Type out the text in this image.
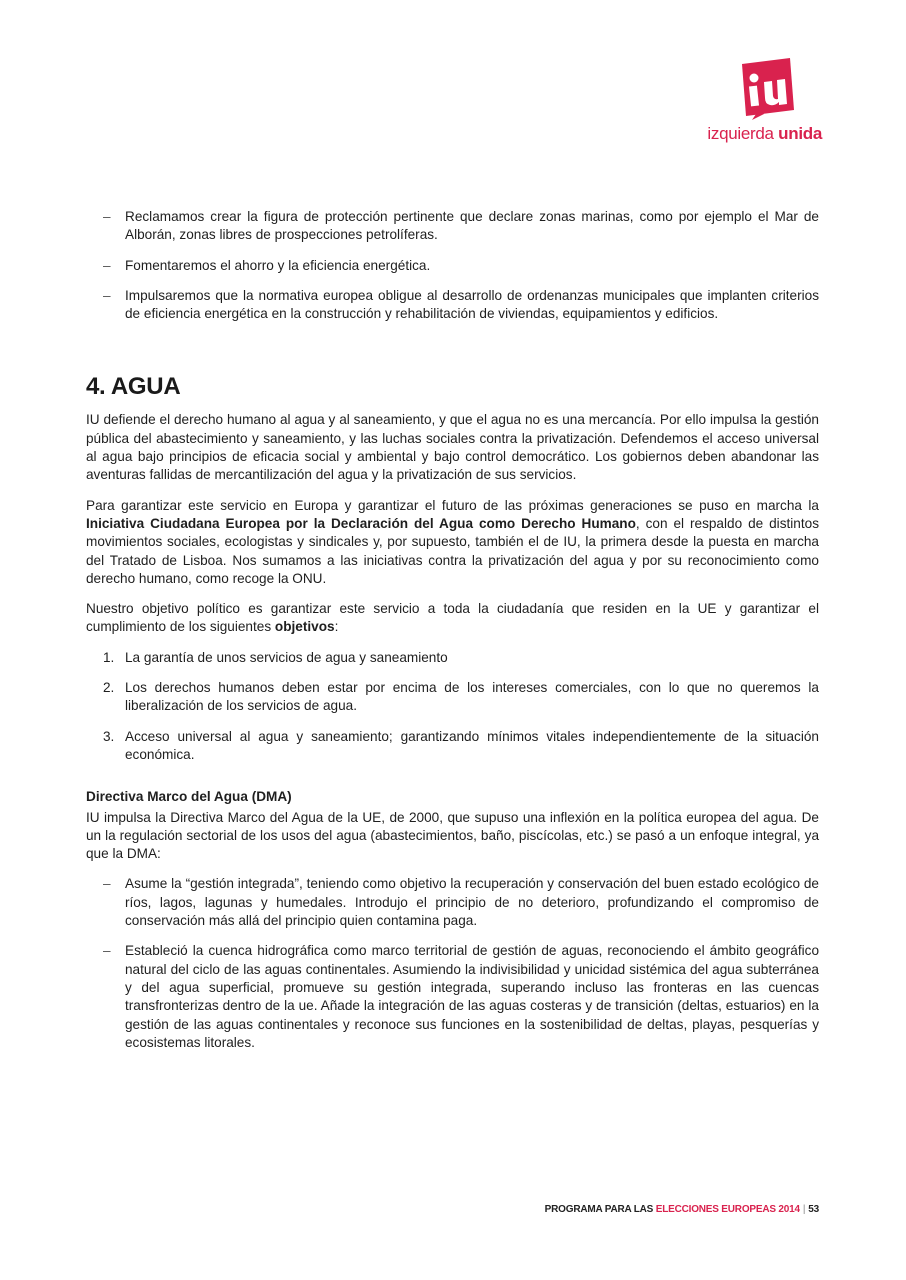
izquierda unida
– Reclamamos crear la figura de protección pertinente que declare zonas marinas, como por ejemplo el Mar de Alborán, zonas libres de prospecciones petrolíferas.
– Fomentaremos el ahorro y la eficiencia energética.
– Impulsaremos que la normativa europea obligue al desarrollo de ordenanzas municipales que implanten criterios de eficiencia energética en la construcción y rehabilitación de viviendas, equipamientos y edificios.
4. AGUA

IU defiende el derecho humano al agua y al saneamiento, y que el agua no es una mercancía. Por ello impulsa la gestión pública del abastecimiento y saneamiento, y las luchas sociales contra la privatización. Defendemos el acceso universal al agua bajo principios de eficacia social y ambiental y bajo control democrático. Los gobiernos deben abandonar las aventuras fallidas de mercantilización del agua y la privatización de sus servicios.

Para garantizar este servicio en Europa y garantizar el futuro de las próximas generaciones se puso en marcha la Iniciativa Ciudadana Europea por la Declaración del Agua como Derecho Humano, con el respaldo de distintos movimientos sociales, ecologistas y sindicales y, por supuesto, también el de IU, la primera desde la puesta en marcha del Tratado de Lisboa. Nos sumamos a las iniciativas contra la privatización del agua y por su reconocimiento como derecho humano, como recoge la ONU.

Nuestro objetivo político es garantizar este servicio a toda la ciudadanía que residen en la UE y garantizar el cumplimiento de los siguientes objetivos:

1. La garantía de unos servicios de agua y saneamiento
2. Los derechos humanos deben estar por encima de los intereses comerciales, con lo que no queremos la liberalización de los servicios de agua.
3. Acceso universal al agua y saneamiento; garantizando mínimos vitales independientemente de la situación económica.
Directiva Marco del Agua (DMA)

IU impulsa la Directiva Marco del Agua de la UE, de 2000, que supuso una inflexión en la política europea del agua. De un la regulación sectorial de los usos del agua (abastecimientos, baño, piscícolas, etc.) se pasó a un enfoque integral, ya que la DMA:

– Asume la “gestión integrada”, teniendo como objetivo la recuperación y conservación del buen estado ecológico de ríos, lagos, lagunas y humedales. Introdujo el principio de no deterioro, profundizando el compromiso de conservación más allá del principio quien contamina paga.
– Estableció la cuenca hidrográfica como marco territorial de gestión de aguas, reconociendo el ámbito geográfico natural del ciclo de las aguas continentales. Asumiendo la indivisibilidad y unicidad sistémica del agua subterránea y del agua superficial, promueve su gestión integrada, superando incluso las fronteras en las cuencas transfronterizas dentro de la ue. Añade la integración de las aguas costeras y de transición (deltas, estuarios) en la gestión de las aguas continentales y reconoce sus funciones en la sostenibilidad de deltas, playas, pesquerías y ecosistemas litorales.
PROGRAMA PARA LAS ELECCIONES EUROPEAS 2014 | 53
